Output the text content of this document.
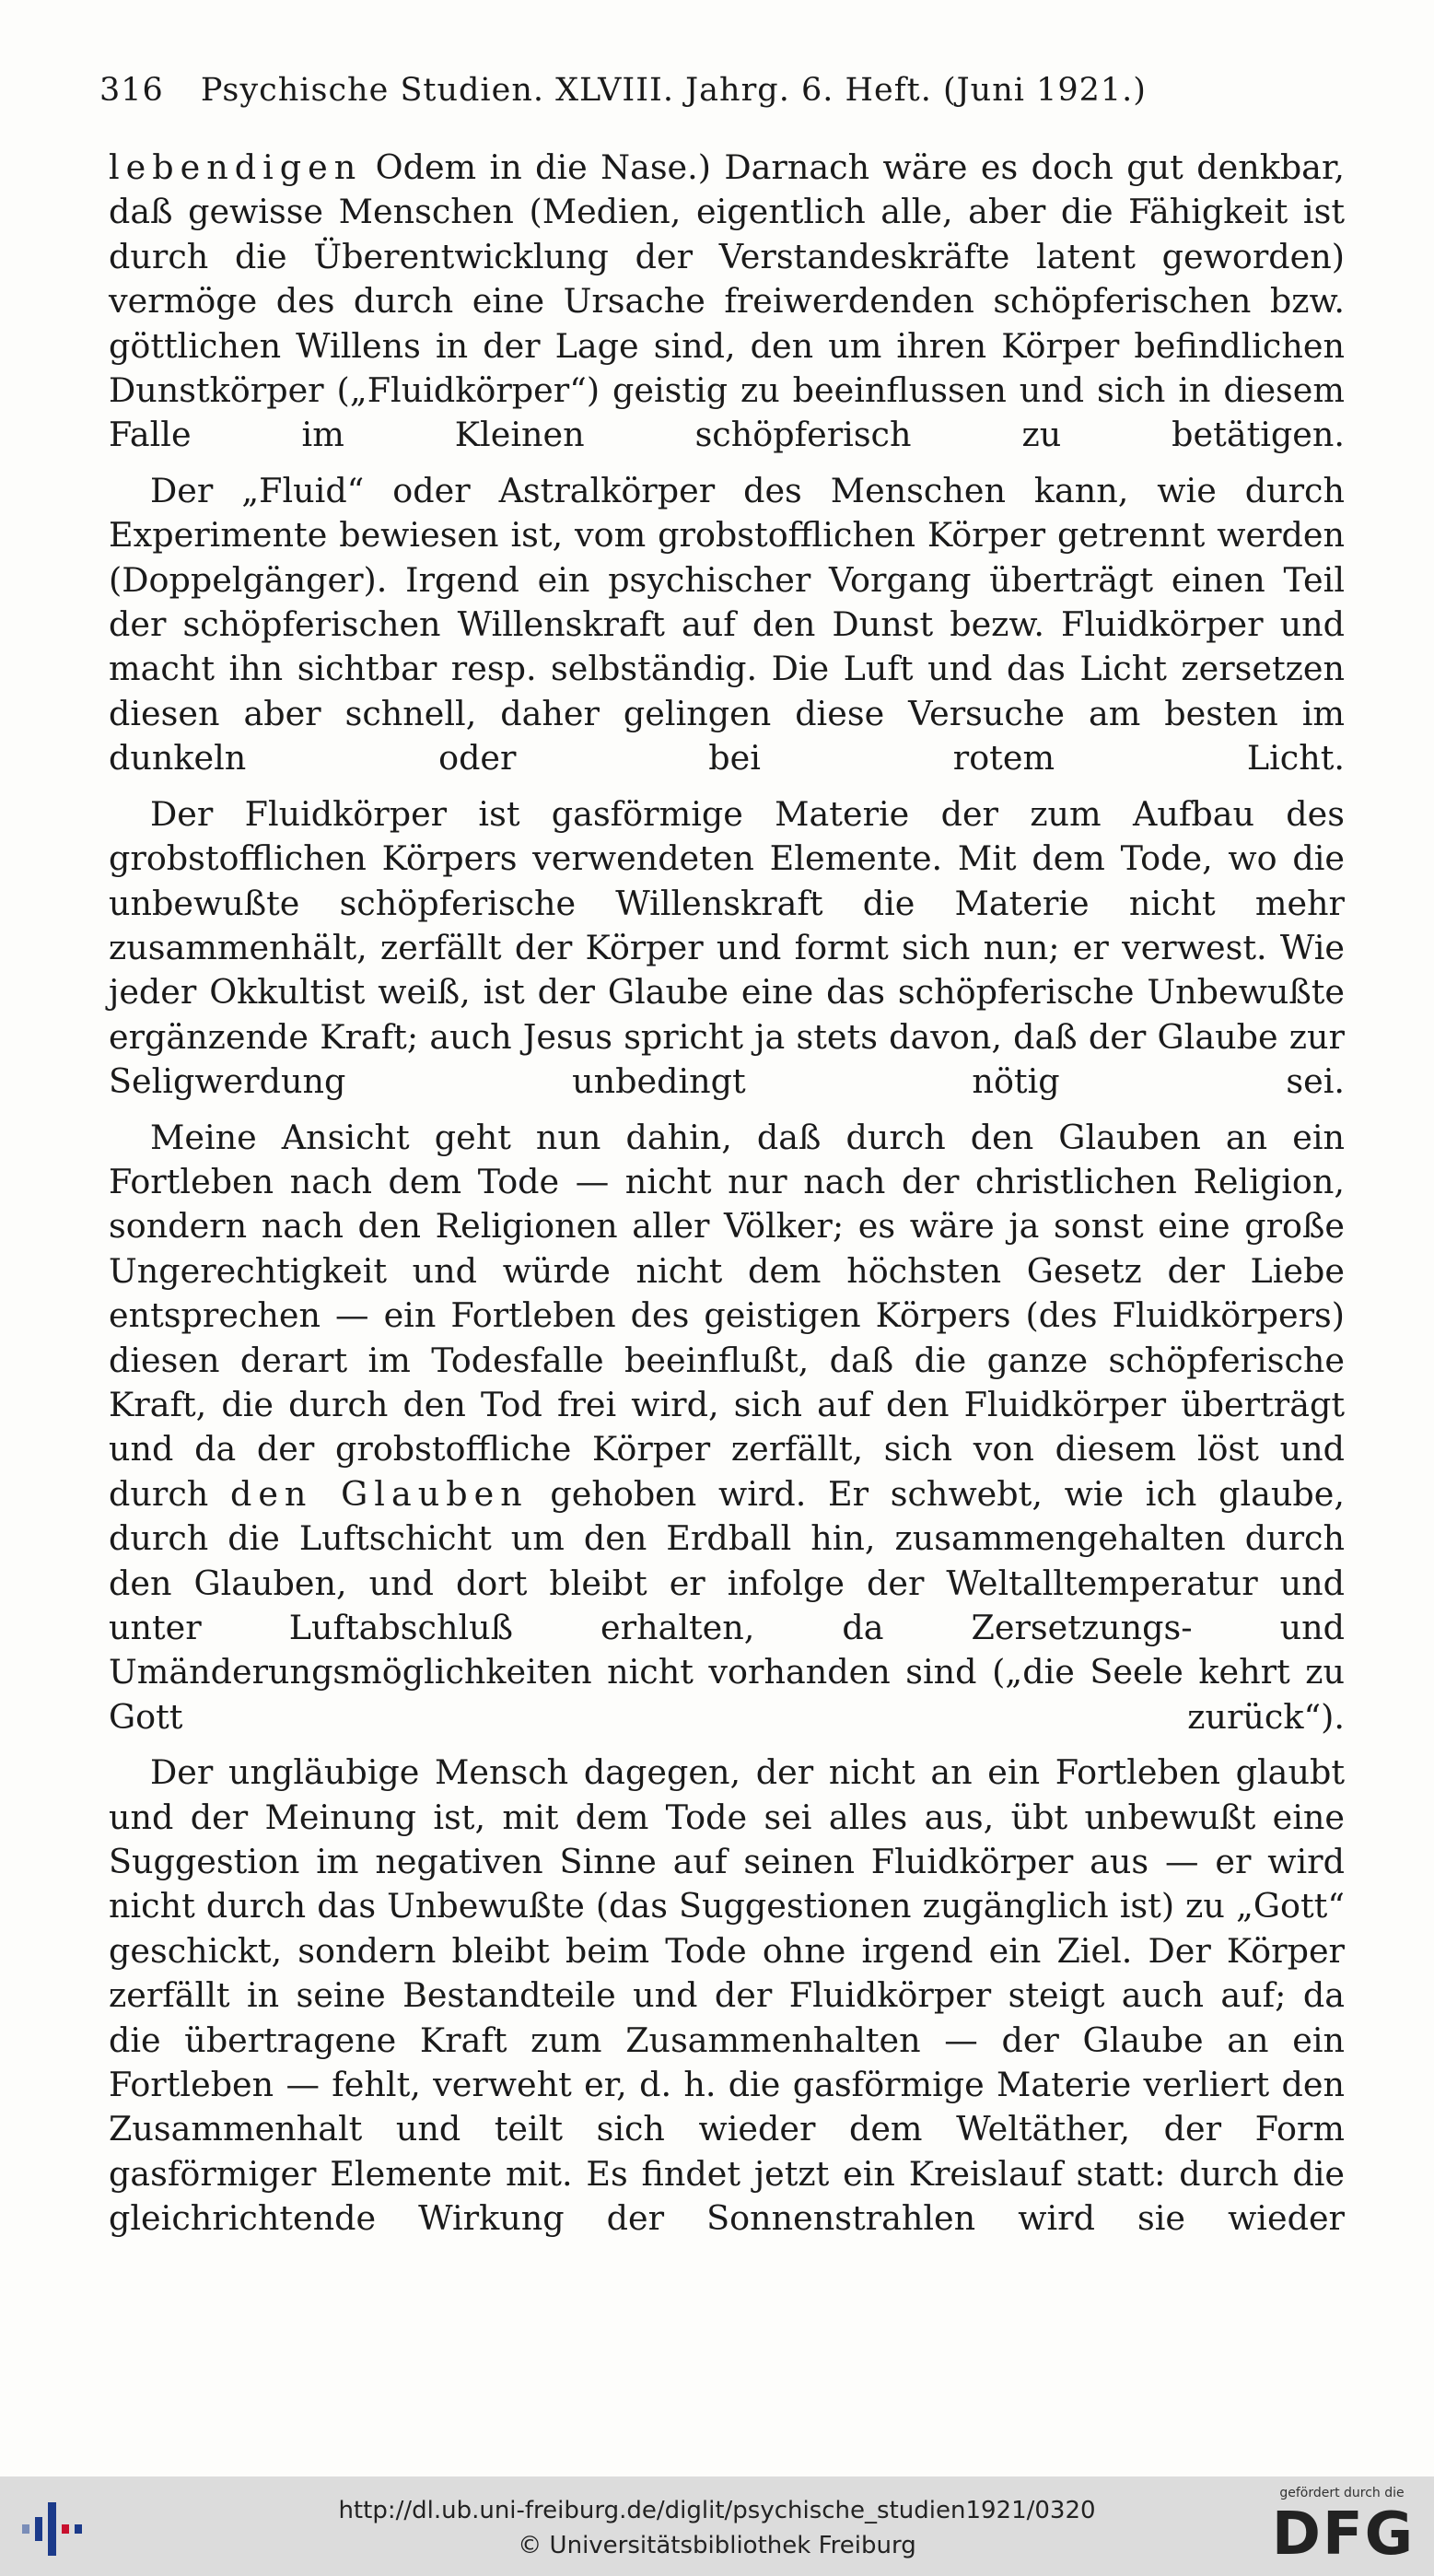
316 Psychische Studien. XLVIII. Jahrg. 6. Heft. (Juni 1921.)

lebendigen Odem in die Nase.) Darnach wäre es doch gut denkbar, daß gewisse Menschen (Medien, eigentlich alle, aber die Fähigkeit ist durch die Überentwicklung der Verstandeskräfte latent geworden) vermöge des durch eine Ursache freiwerdenden schöpferischen bzw. göttlichen Willens in der Lage sind, den um ihren Körper befindlichen Dunstkörper („Fluidkörper“) geistig zu beeinflussen und sich in diesem Falle im Kleinen schöpferisch zu betätigen.

Der „Fluid“ oder Astralkörper des Menschen kann, wie durch Experimente bewiesen ist, vom grobstofflichen Körper getrennt werden (Doppelgänger). Irgend ein psychischer Vorgang überträgt einen Teil der schöpferischen Willenskraft auf den Dunst bezw. Fluidkörper und macht ihn sichtbar resp. selbständig. Die Luft und das Licht zersetzen diesen aber schnell, daher gelingen diese Versuche am besten im dunkeln oder bei rotem Licht.

Der Fluidkörper ist gasförmige Materie der zum Aufbau des grobstofflichen Körpers verwendeten Elemente. Mit dem Tode, wo die unbewußte schöpferische Willenskraft die Materie nicht mehr zusammenhält, zerfällt der Körper und formt sich nun; er verwest. Wie jeder Okkultist weiß, ist der Glaube eine das schöpferische Unbewußte ergänzende Kraft; auch Jesus spricht ja stets davon, daß der Glaube zur Seligwerdung unbedingt nötig sei.

Meine Ansicht geht nun dahin, daß durch den Glauben an ein Fortleben nach dem Tode — nicht nur nach der christlichen Religion, sondern nach den Religionen aller Völker; es wäre ja sonst eine große Ungerechtigkeit und würde nicht dem höchsten Gesetz der Liebe entsprechen — ein Fortleben des geistigen Körpers (des Fluidkörpers) diesen derart im Todesfalle beeinflußt, daß die ganze schöpferische Kraft, die durch den Tod frei wird, sich auf den Fluidkörper überträgt und da der grobstoffliche Körper zerfällt, sich von diesem löst und durch den Glauben gehoben wird. Er schwebt, wie ich glaube, durch die Luftschicht um den Erdball hin, zusammengehalten durch den Glauben, und dort bleibt er infolge der Weltalltemperatur und unter Luftabschluß erhalten, da Zersetzungs- und Umänderungsmöglichkeiten nicht vorhanden sind („die Seele kehrt zu Gott zurück“).

Der ungläubige Mensch dagegen, der nicht an ein Fortleben glaubt und der Meinung ist, mit dem Tode sei alles aus, übt unbewußt eine Suggestion im negativen Sinne auf seinen Fluidkörper aus — er wird nicht durch das Unbewußte (das Suggestionen zugänglich ist) zu „Gott“ geschickt, sondern bleibt beim Tode ohne irgend ein Ziel. Der Körper zerfällt in seine Bestandteile und der Fluidkörper steigt auch auf; da die übertragene Kraft zum Zusammenhalten — der Glaube an ein Fortleben — fehlt, verweht er, d. h. die gasförmige Materie verliert den Zusammenhalt und teilt sich wieder dem Weltäther, der Form gasförmiger Elemente mit. Es findet jetzt ein Kreislauf statt: durch die gleichrichtende Wirkung der Sonnenstrahlen wird sie wieder

http://dl.ub.uni-freiburg.de/diglit/psychische_studien1921/0320
© Universitätsbibliothek Freiburg
gefördert durch die
DFG
